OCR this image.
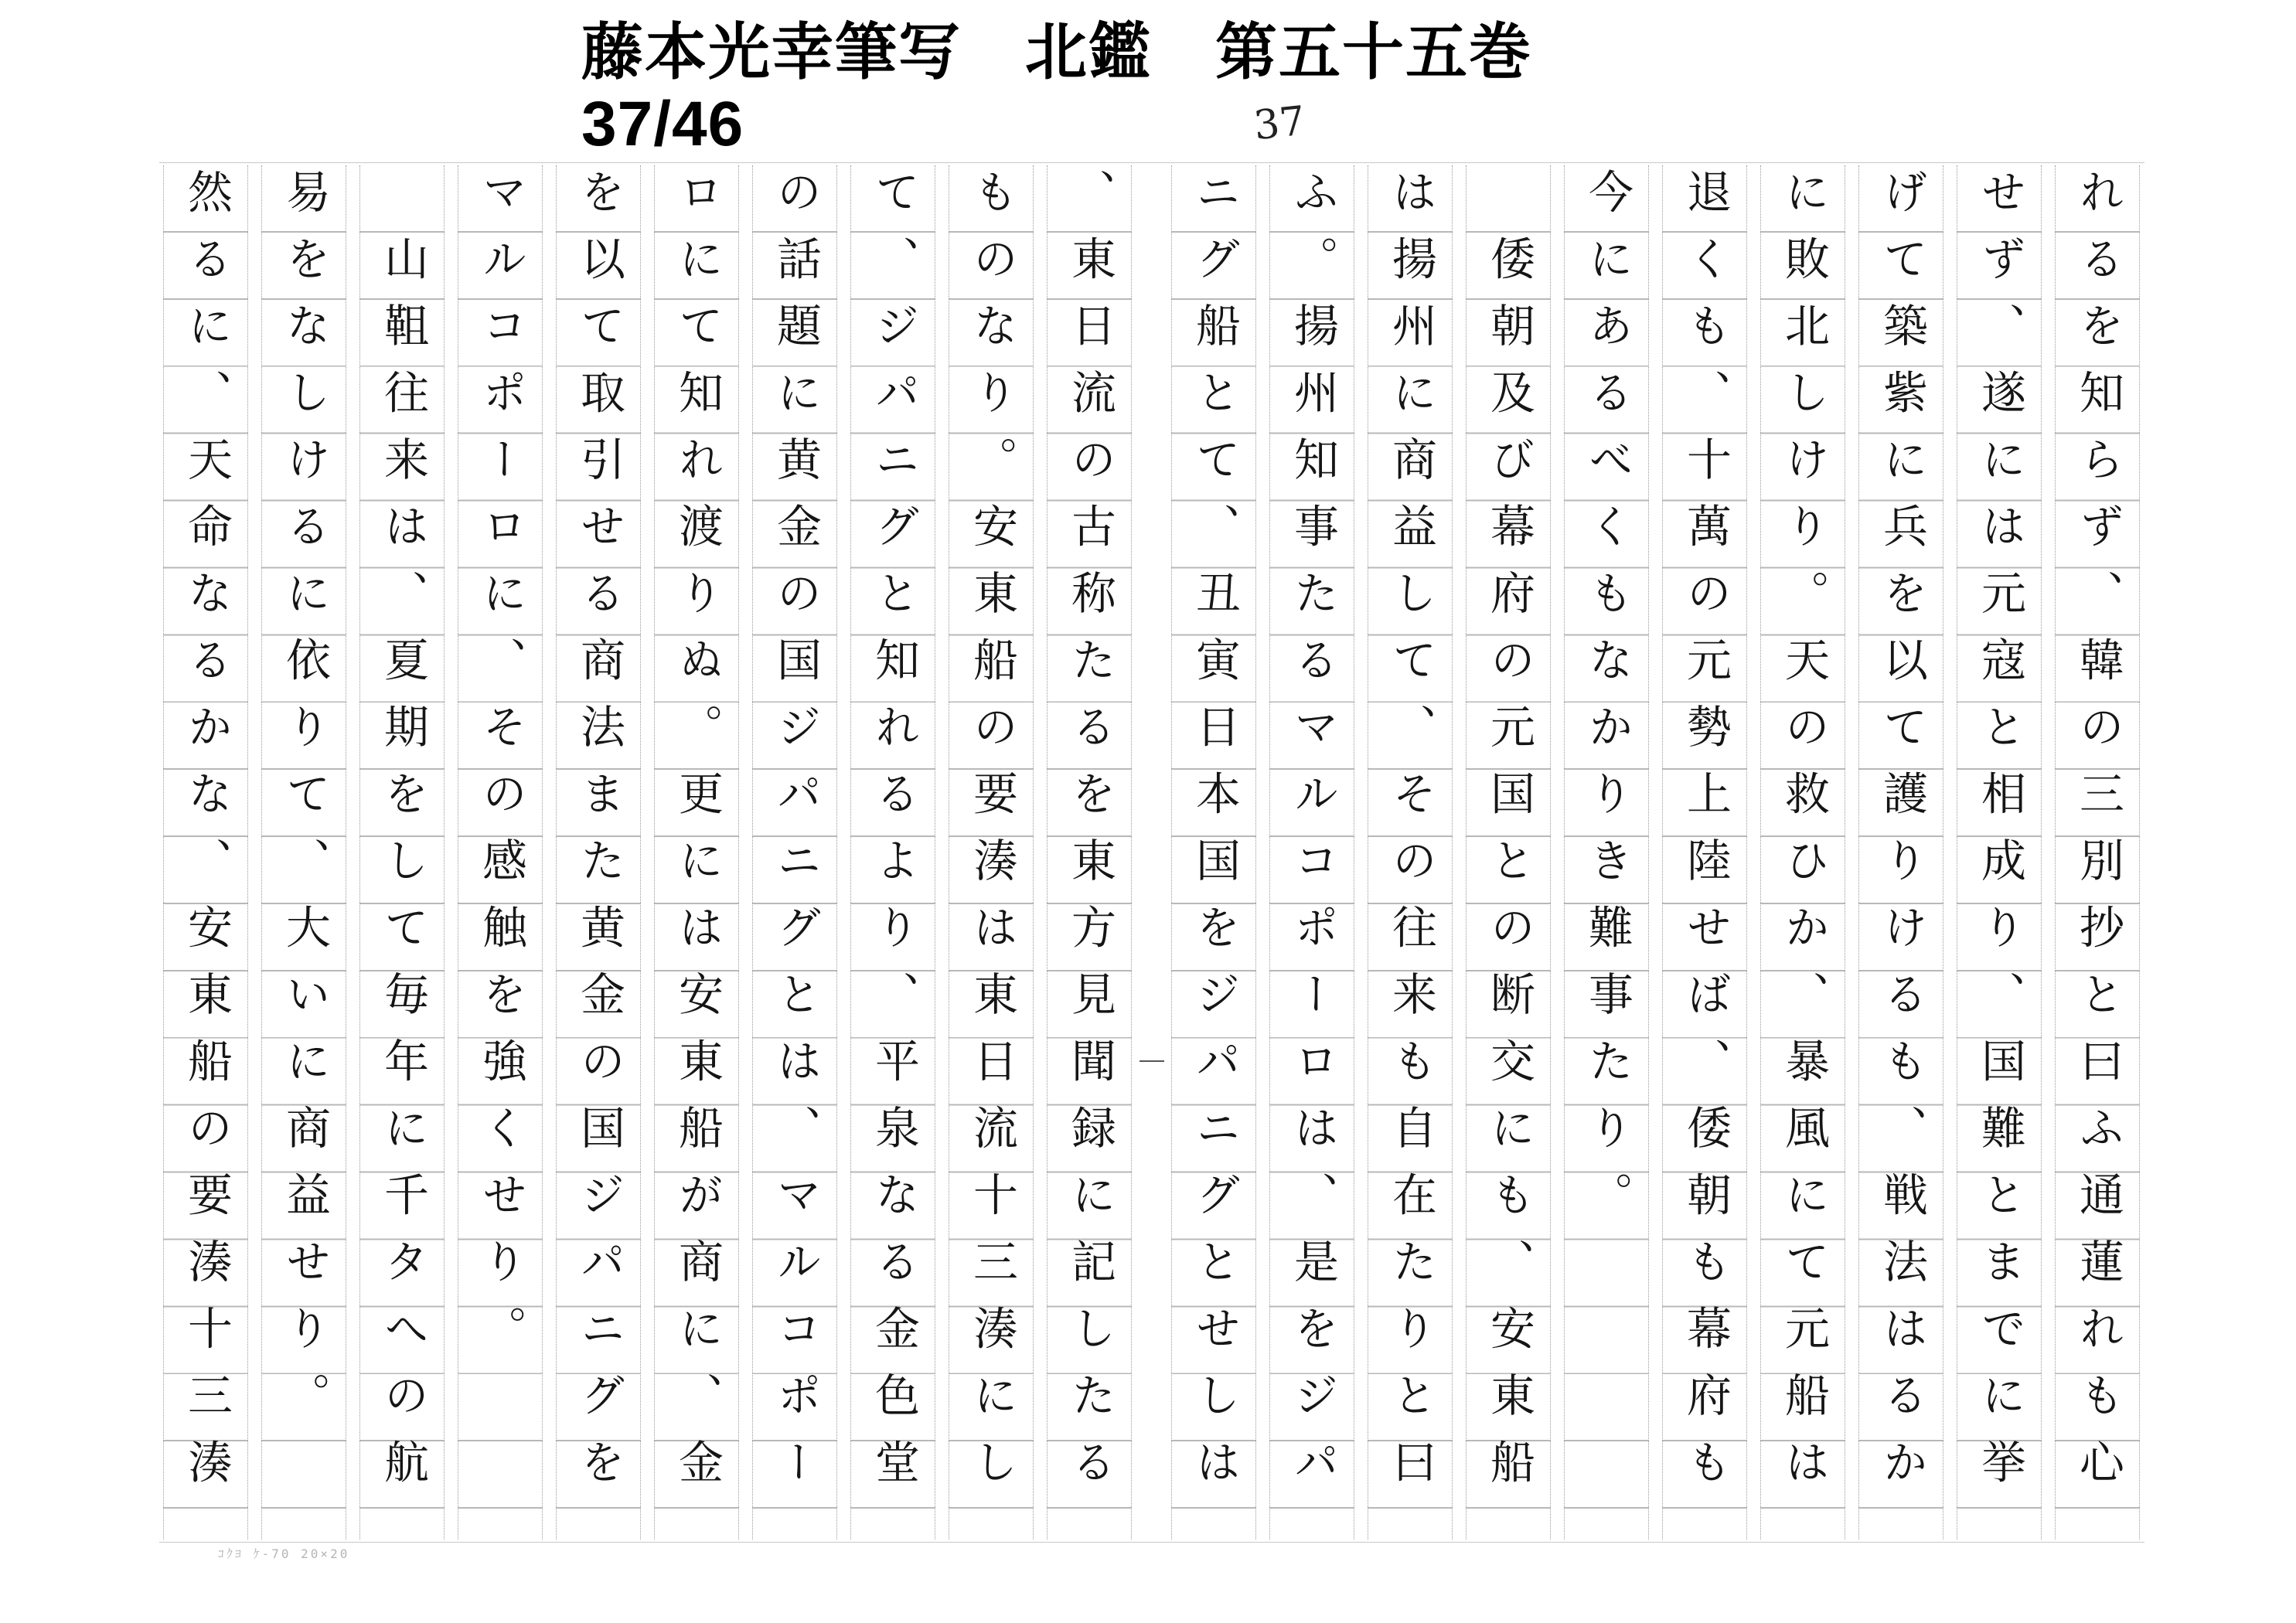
藤本光幸筆写　北鑑　第五十五巻
37/46	37
れるを知らず、韓の三別抄と曰ふ通蓮れも心
せず、遂には元寇と相成り、国難とまでに挙
げて築紫に兵を以て護りけるも、戦法はるか
に敗北しけり。天の救ひか、暴風にて元船は
退くも、十萬の元勢上陸せば、倭朝も幕府も
今にあるべくもなかりき難事たり。
　倭朝及び幕府の元国との断交にも、安東船
は揚州に商益して、その往来も自在たりと曰
ふ。揚州知事たるマルコポーロは、是をジパ
ニグ船とて、丑寅日本国をジパニグとせしは
、東日流の古称たるを東方見聞録に記したる
ものなり。安東船の要湊は東日流十三湊にし
て、ジパニグと知れるより、平泉なる金色堂
の話題に黄金の国ジパニグとは、マルコポー
ロにて知れ渡りぬ。更には安東船が商に、金
を以て取引せる商法また黄金の国ジパニグを
マルコポーロに、その感触を強くせり。
　山靻往来は、夏期をして毎年に千タへの航
易をなしけるに依りて、大いに商益せり。
然るに、天命なるかな、安東船の要湊十三湊
ｺｸﾖ ｹ-70 20×20
